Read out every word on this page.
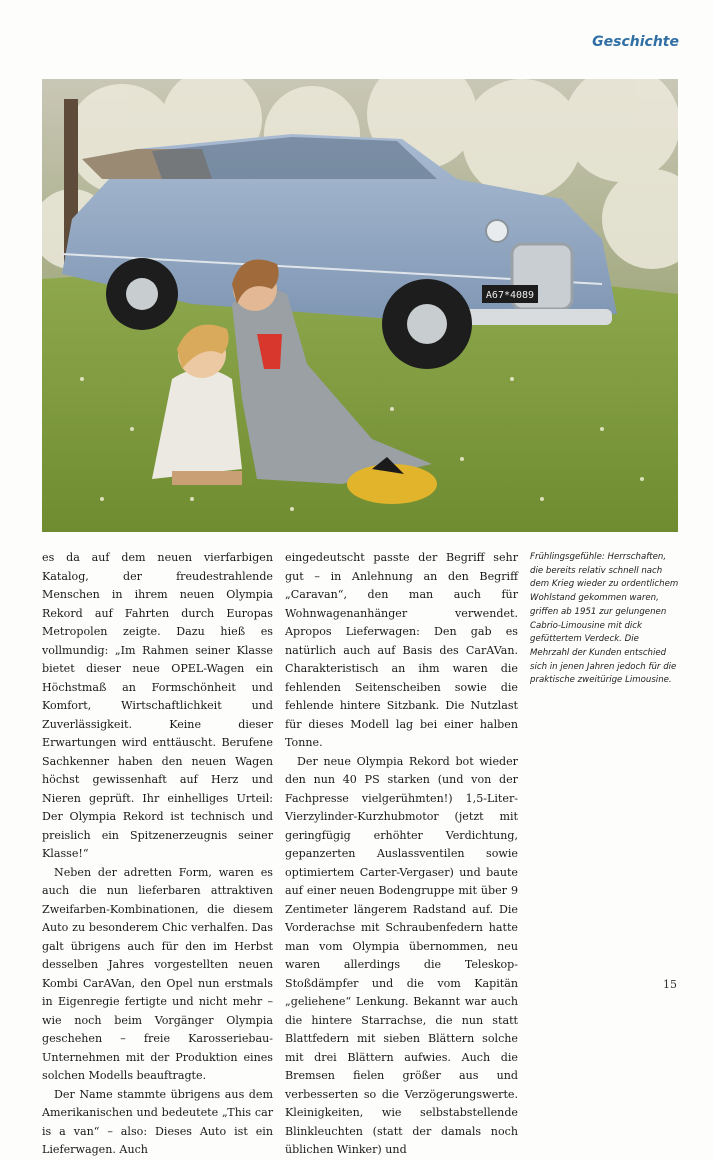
Geschichte
A67*4089

es da auf dem neuen vierfarbigen Katalog, der freudestrahlende Menschen in ihrem neuen Olympia Rekord auf Fahrten durch Europas Metropolen zeigte. Dazu hieß es vollmundig: „Im Rahmen seiner Klasse bietet dieser neue OPEL-Wagen ein Höchstmaß an Formschönheit und Komfort, Wirtschaftlichkeit und Zuverlässigkeit. Keine dieser Erwartungen wird enttäuscht. Berufene Sachkenner haben den neuen Wagen höchst gewissenhaft auf Herz und Nieren geprüft. Ihr einhelliges Urteil: Der Olympia Rekord ist technisch und preislich ein Spitzenerzeugnis seiner Klasse!“

Neben der adretten Form, waren es auch die nun lieferbaren attraktiven Zweifarben-Kombinationen, die diesem Auto zu besonderem Chic verhalfen. Das galt übrigens auch für den im Herbst desselben Jahres vorgestellten neuen Kombi CarAVan, den Opel nun erstmals in Eigenregie fertigte und nicht mehr – wie noch beim Vorgänger Olympia geschehen – freie Karosseriebau-Unternehmen mit der Produktion eines solchen Modells beauftragte.

Der Name stammte übrigens aus dem Amerikanischen und bedeutete „This car is a van“ – also: Dieses Auto ist ein Lieferwagen. Auch

eingedeutscht passte der Begriff sehr gut – in Anlehnung an den Begriff „Caravan“, den man auch für Wohnwagenanhänger verwendet. Apropos Lieferwagen: Den gab es natürlich auch auf Basis des CarAVan. Charakteristisch an ihm waren die fehlenden Seitenscheiben sowie die fehlende hintere Sitzbank. Die Nutzlast für dieses Modell lag bei einer halben Tonne.

Der neue Olympia Rekord bot wieder den nun 40 PS starken (und von der Fachpresse vielgerühmten!) 1,5-Liter-Vierzylinder-Kurzhubmotor (jetzt mit geringfügig erhöhter Verdichtung, gepanzerten Auslassventilen sowie optimiertem Carter-Vergaser) und baute auf einer neuen Bodengruppe mit über 9 Zentimeter längerem Radstand auf. Die Vorderachse mit Schraubenfedern hatte man vom Olympia übernommen, neu waren allerdings die Teleskop-Stoßdämpfer und die vom Kapitän „geliehene“ Lenkung. Bekannt war auch die hintere Starrachse, die nun statt Blattfedern mit sieben Blättern solche mit drei Blättern aufwies. Auch die Bremsen fielen größer aus und verbesserten so die Verzögerungswerte. Kleinigkeiten, wie selbstabstellende Blinkleuchten (statt der damals noch üblichen Winker) und

Frühlingsgefühle: Herrschaften, die bereits relativ schnell nach dem Krieg wieder zu ordentlichem Wohlstand gekommen waren, griffen ab 1951 zur gelungenen Cabrio-Limousine mit dick gefüttertem Verdeck. Die Mehrzahl der Kunden entschied sich in jenen Jahren jedoch für die praktische zweitürige Limousine.
15
